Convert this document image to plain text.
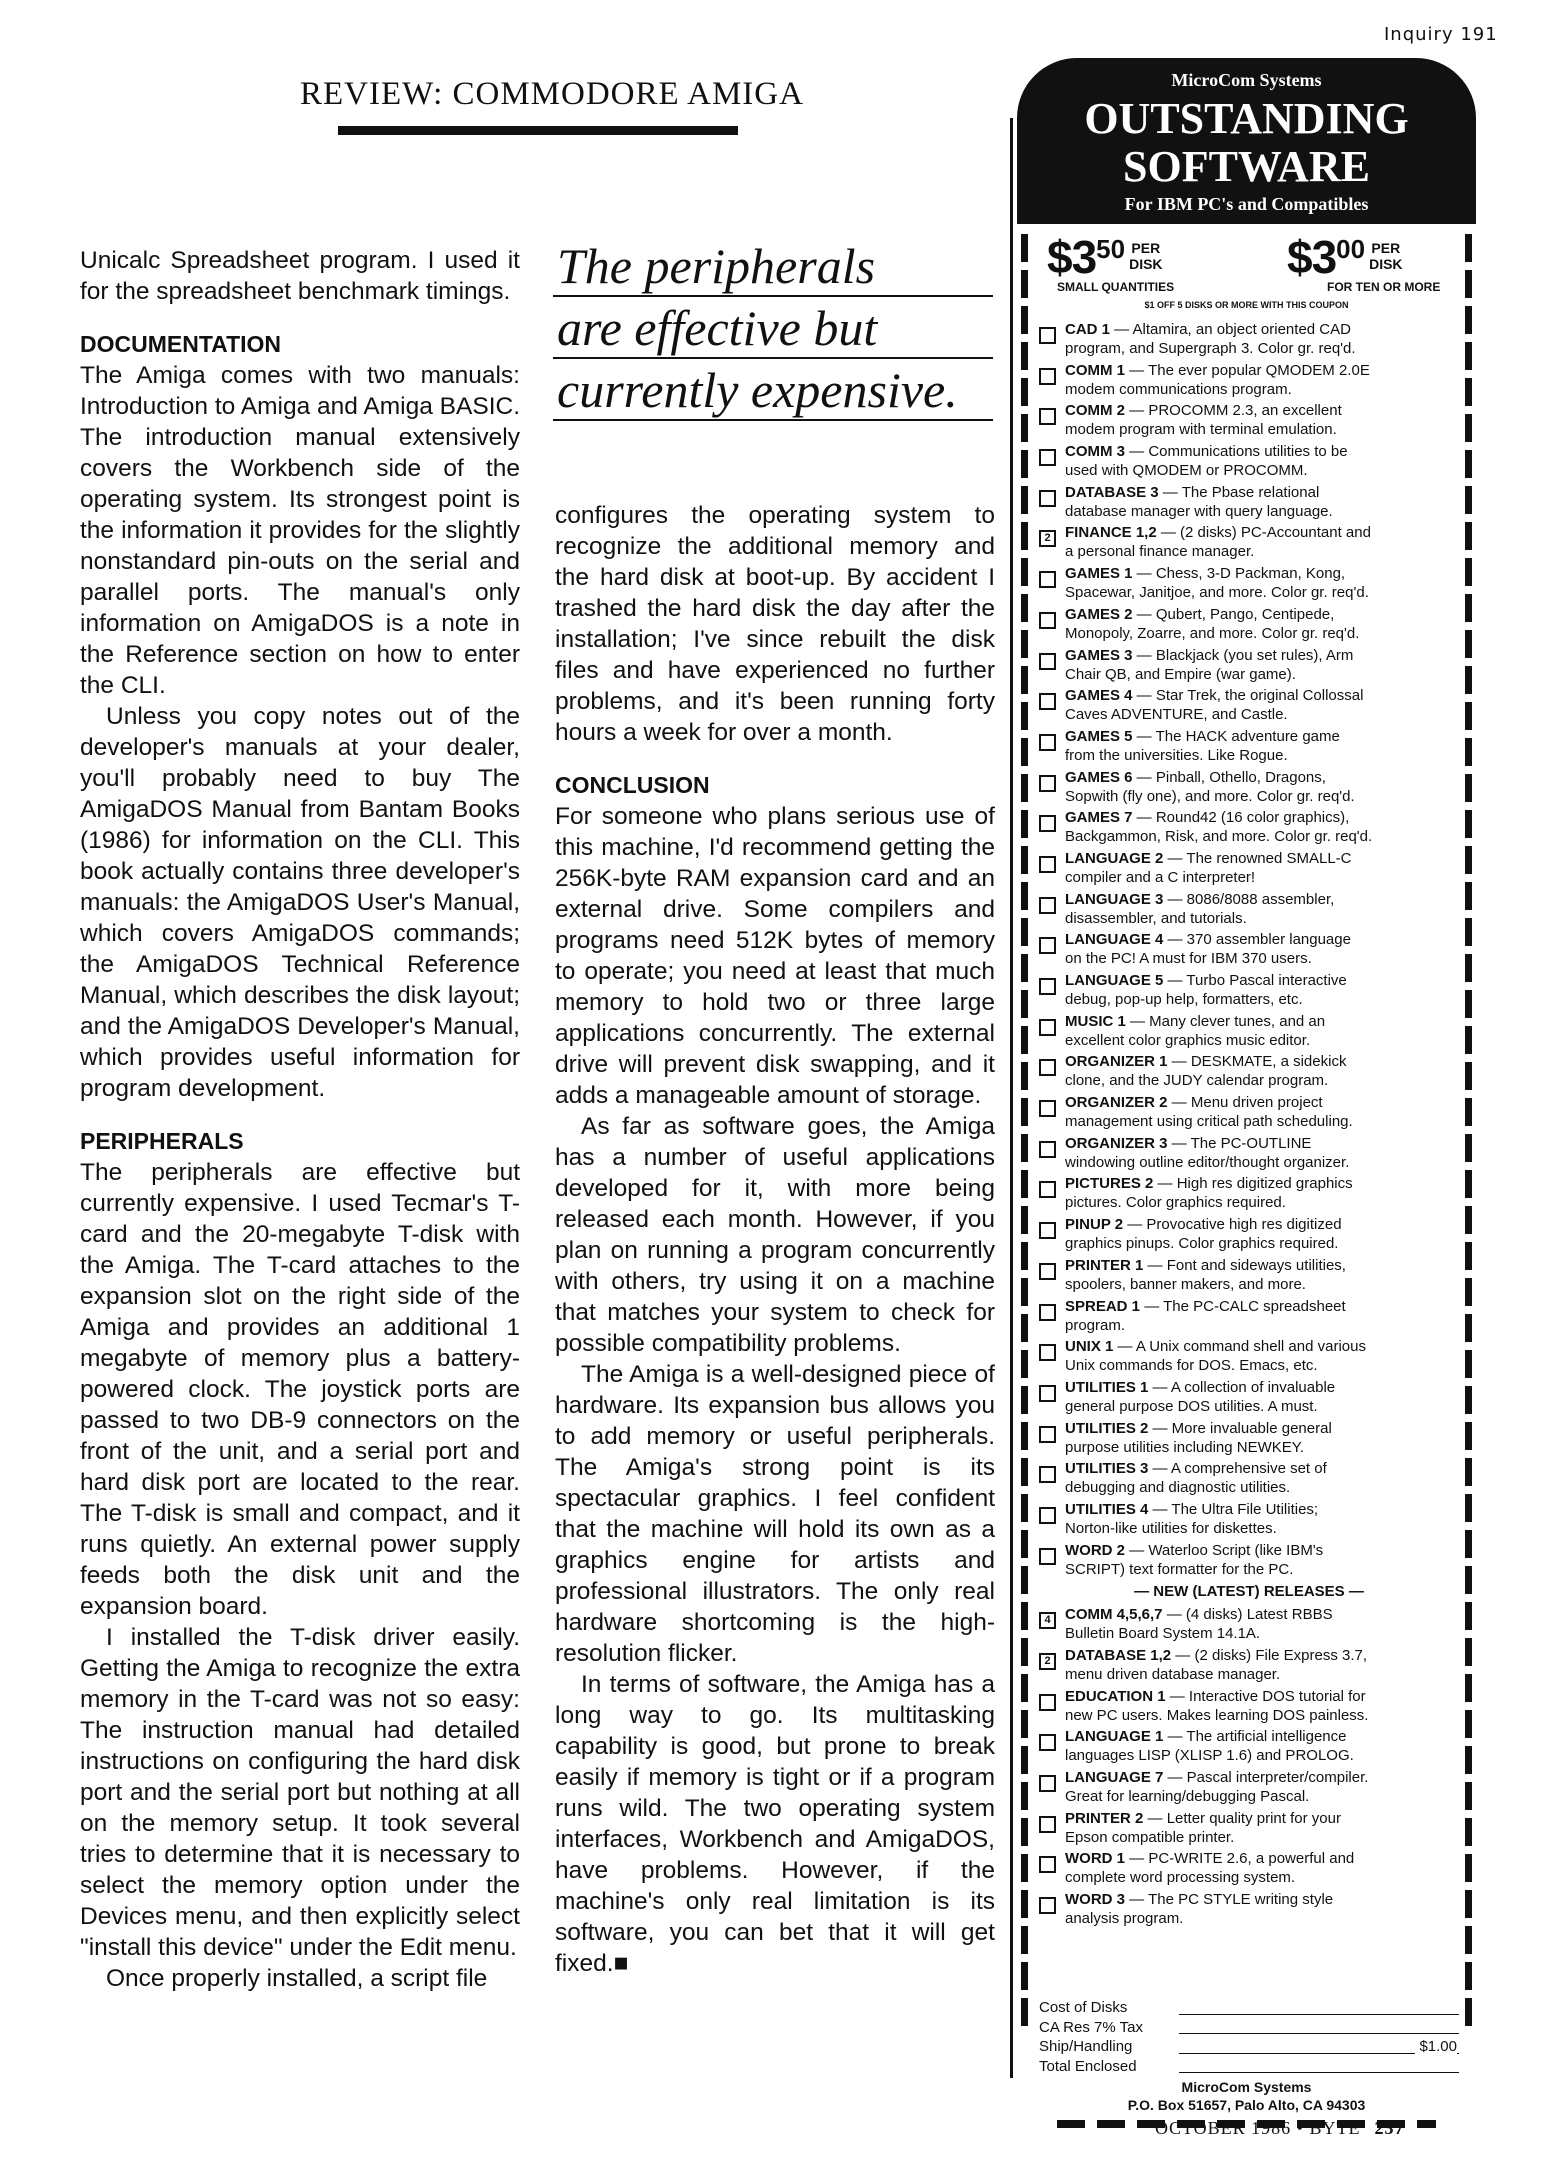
Inquiry 191
REVIEW: COMMODORE AMIGA
The peripherals
are effective but
currently expensive.

Unicalc Spreadsheet program. I used it for the spreadsheet benchmark timings.

DOCUMENTATION

The Amiga comes with two manuals: Introduction to Amiga and Amiga BASIC. The introduction manual extensively covers the Workbench side of the operating system. Its strongest point is the information it provides for the slightly nonstandard pin-outs on the serial and parallel ports. The manual's only information on AmigaDOS is a note in the Reference section on how to enter the CLI.

Unless you copy notes out of the developer's manuals at your dealer, you'll probably need to buy The AmigaDOS Manual from Bantam Books (1986) for information on the CLI. This book actually contains three developer's manuals: the AmigaDOS User's Manual, which covers AmigaDOS commands; the AmigaDOS Technical Reference Manual, which describes the disk layout; and the AmigaDOS Developer's Manual, which provides useful information for program development.

PERIPHERALS

The peripherals are effective but currently expensive. I used Tecmar's T-card and the 20-megabyte T-disk with the Amiga. The T-card attaches to the expansion slot on the right side of the Amiga and provides an additional 1 megabyte of memory plus a battery-powered clock. The joystick ports are passed to two DB-9 connectors on the front of the unit, and a serial port and hard disk port are located to the rear. The T-disk is small and compact, and it runs quietly. An external power supply feeds both the disk unit and the expansion board.

I installed the T-disk driver easily. Getting the Amiga to recognize the extra memory in the T-card was not so easy: The instruction manual had detailed instructions on configuring the hard disk port and the serial port but nothing at all on the memory setup. It took several tries to determine that it is necessary to select the memory option under the Devices menu, and then explicitly select "install this device" under the Edit menu.

Once properly installed, a script file

configures the operating system to recognize the additional memory and the hard disk at boot-up. By accident I trashed the hard disk the day after the installation; I've since rebuilt the disk files and have experienced no further problems, and it's been running forty hours a week for over a month.

CONCLUSION

For someone who plans serious use of this machine, I'd recommend getting the 256K-byte RAM expansion card and an external drive. Some compilers and programs need 512K bytes of memory to operate; you need at least that much memory to hold two or three large applications concurrently. The external drive will prevent disk swapping, and it adds a manageable amount of storage.

As far as software goes, the Amiga has a number of useful applications developed for it, with more being released each month. However, if you plan on running a program concurrently with others, try using it on a machine that matches your system to check for possible compatibility problems.

The Amiga is a well-designed piece of hardware. Its expansion bus allows you to add memory or useful peripherals. The Amiga's strong point is its spectacular graphics. I feel confident that the machine will hold its own as a graphics engine for artists and professional illustrators. The only real hardware shortcoming is the high-resolution flicker.

In terms of software, the Amiga has a long way to go. Its multitasking capability is good, but prone to break easily if memory is tight or if a program runs wild. The two operating system interfaces, Workbench and AmigaDOS, have problems. However, if the machine's only real limitation is its software, you can bet that it will get fixed.■

MicroCom Systems
OUTSTANDING
SOFTWARE
For IBM PC's and Compatibles
$350 PER
DISK
SMALL QUANTITIES
$300 PER
DISK
FOR TEN OR MORE
$1 OFF 5 DISKS OR MORE WITH THIS COUPON
CAD 1 — Altamira, an object oriented CAD
program, and Supergraph 3. Color gr. req'd.
COMM 1 — The ever popular QMODEM 2.0E
modem communications program.
COMM 2 — PROCOMM 2.3, an excellent
modem program with terminal emulation.
COMM 3 — Communications utilities to be
used with QMODEM or PROCOMM.
DATABASE 3 — The Pbase relational
database manager with query language.
2 FINANCE 1,2 — (2 disks) PC-Accountant and
a personal finance manager.
GAMES 1 — Chess, 3-D Packman, Kong,
Spacewar, Janitjoe, and more. Color gr. req'd.
GAMES 2 — Qubert, Pango, Centipede,
Monopoly, Zoarre, and more. Color gr. req'd.
GAMES 3 — Blackjack (you set rules), Arm
Chair QB, and Empire (war game).
GAMES 4 — Star Trek, the original Collossal
Caves ADVENTURE, and Castle.
GAMES 5 — The HACK adventure game
from the universities. Like Rogue.
GAMES 6 — Pinball, Othello, Dragons,
Sopwith (fly one), and more. Color gr. req'd.
GAMES 7 — Round42 (16 color graphics),
Backgammon, Risk, and more. Color gr. req'd.
LANGUAGE 2 — The renowned SMALL-C
compiler and a C interpreter!
LANGUAGE 3 — 8086/8088 assembler,
disassembler, and tutorials.
LANGUAGE 4 — 370 assembler language
on the PC! A must for IBM 370 users.
LANGUAGE 5 — Turbo Pascal interactive
debug, pop-up help, formatters, etc.
MUSIC 1 — Many clever tunes, and an
excellent color graphics music editor.
ORGANIZER 1 — DESKMATE, a sidekick
clone, and the JUDY calendar program.
ORGANIZER 2 — Menu driven project
management using critical path scheduling.
ORGANIZER 3 — The PC-OUTLINE
windowing outline editor/thought organizer.
PICTURES 2 — High res digitized graphics
pictures. Color graphics required.
PINUP 2 — Provocative high res digitized
graphics pinups. Color graphics required.
PRINTER 1 — Font and sideways utilities,
spoolers, banner makers, and more.
SPREAD 1 — The PC-CALC spreadsheet
program.
UNIX 1 — A Unix command shell and various
Unix commands for DOS. Emacs, etc.
UTILITIES 1 — A collection of invaluable
general purpose DOS utilities. A must.
UTILITIES 2 — More invaluable general
purpose utilities including NEWKEY.
UTILITIES 3 — A comprehensive set of
debugging and diagnostic utilities.
UTILITIES 4 — The Ultra File Utilities;
Norton-like utilities for diskettes.
WORD 2 — Waterloo Script (like IBM's
SCRIPT) text formatter for the PC.
— NEW (LATEST) RELEASES —
4 COMM 4,5,6,7 — (4 disks) Latest RBBS
Bulletin Board System 14.1A.
2 DATABASE 1,2 — (2 disks) File Express 3.7,
menu driven database manager.
EDUCATION 1 — Interactive DOS tutorial for
new PC users. Makes learning DOS painless.
LANGUAGE 1 — The artificial intelligence
languages LISP (XLISP 1.6) and PROLOG.
LANGUAGE 7 — Pascal interpreter/compiler.
Great for learning/debugging Pascal.
PRINTER 2 — Letter quality print for your
Epson compatible printer.
WORD 1 — PC-WRITE 2.6, a powerful and
complete word processing system.
WORD 3 — The PC STYLE writing style
analysis program.
Cost of Disks
CA Res 7% Tax
Ship/Handling	$1.00
Total Enclosed
MicroCom Systems
P.O. Box 51657, Palo Alto, CA 94303
OCTOBER 1986 • BYTE 237
